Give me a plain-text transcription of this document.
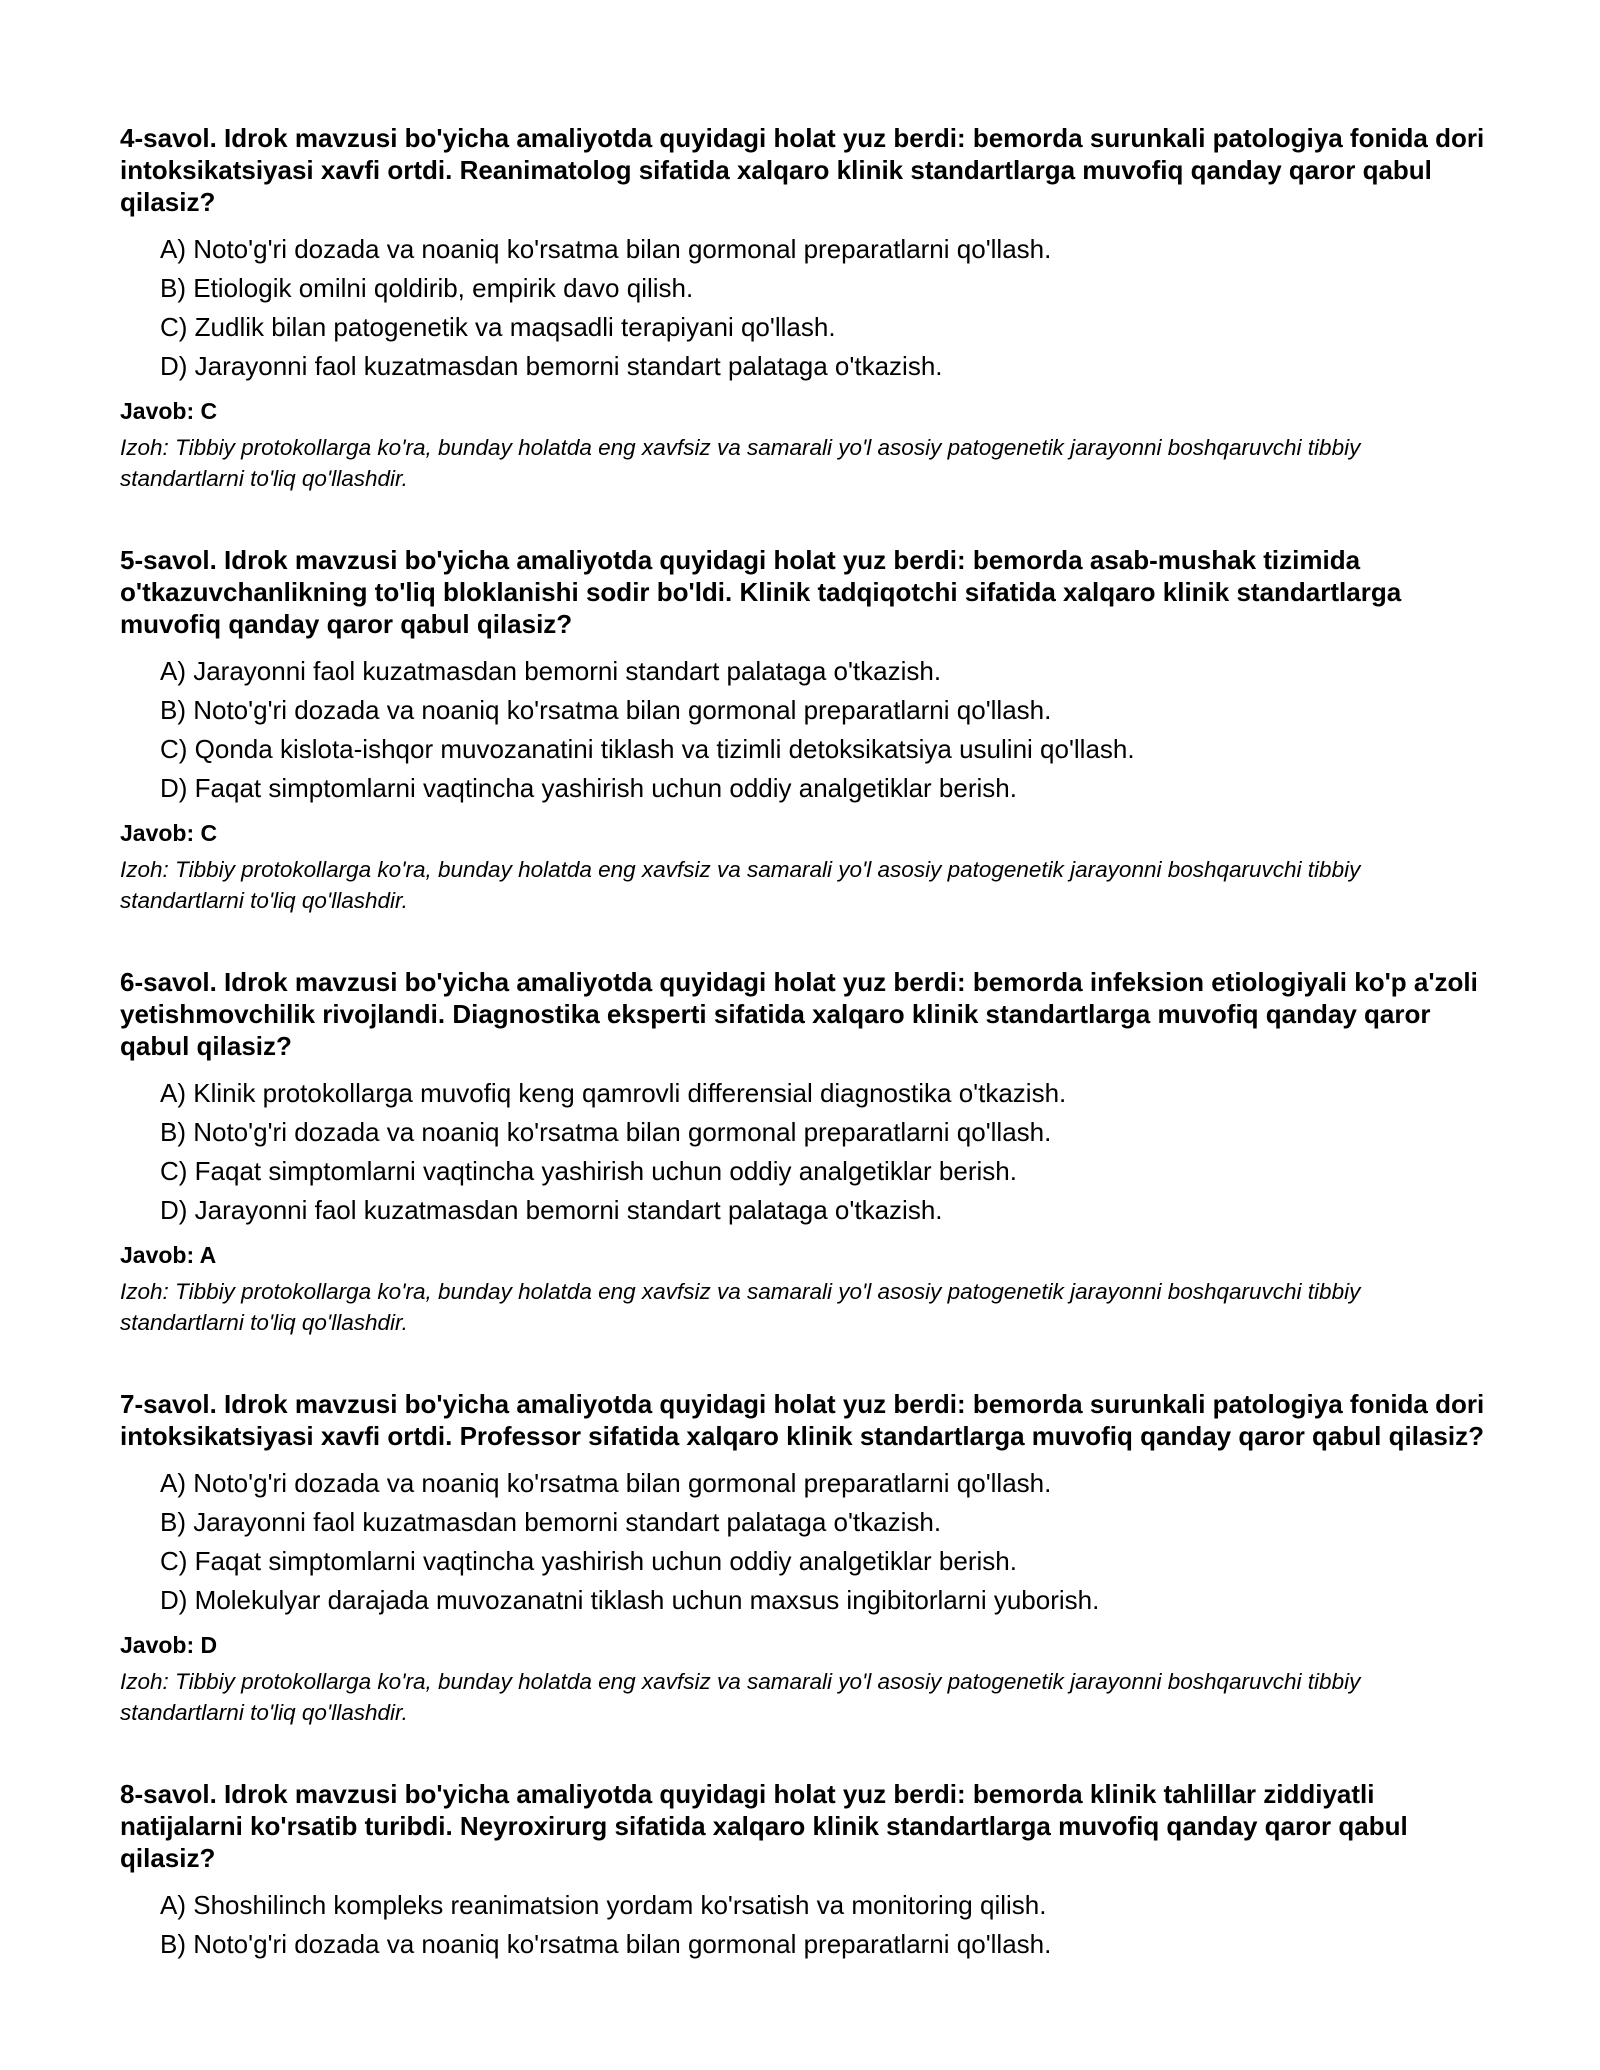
4-savol. Idrok mavzusi bo'yicha amaliyotda quyidagi holat yuz berdi: bemorda surunkali patologiya fonida dori intoksikatsiyasi xavfi ortdi. Reanimatolog sifatida xalqaro klinik standartlarga muvofiq qanday qaror qabul qilasiz?
A) Noto'g'ri dozada va noaniq ko'rsatma bilan gormonal preparatlarni qo'llash.
B) Etiologik omilni qoldirib, empirik davo qilish.
C) Zudlik bilan patogenetik va maqsadli terapiyani qo'llash.
D) Jarayonni faol kuzatmasdan bemorni standart palataga o'tkazish.
Javob: C
Izoh: Tibbiy protokollarga ko'ra, bunday holatda eng xavfsiz va samarali yo'l asosiy patogenetik jarayonni boshqaruvchi tibbiy standartlarni to'liq qo'llashdir.
5-savol. Idrok mavzusi bo'yicha amaliyotda quyidagi holat yuz berdi: bemorda asab-mushak tizimida o'tkazuvchanlikning to'liq bloklanishi sodir bo'ldi. Klinik tadqiqotchi sifatida xalqaro klinik standartlarga muvofiq qanday qaror qabul qilasiz?
A) Jarayonni faol kuzatmasdan bemorni standart palataga o'tkazish.
B) Noto'g'ri dozada va noaniq ko'rsatma bilan gormonal preparatlarni qo'llash.
C) Qonda kislota-ishqor muvozanatini tiklash va tizimli detoksikatsiya usulini qo'llash.
D) Faqat simptomlarni vaqtincha yashirish uchun oddiy analgetiklar berish.
Javob: C
Izoh: Tibbiy protokollarga ko'ra, bunday holatda eng xavfsiz va samarali yo'l asosiy patogenetik jarayonni boshqaruvchi tibbiy standartlarni to'liq qo'llashdir.
6-savol. Idrok mavzusi bo'yicha amaliyotda quyidagi holat yuz berdi: bemorda infeksion etiologiyali ko'p a'zoli yetishmovchilik rivojlandi. Diagnostika eksperti sifatida xalqaro klinik standartlarga muvofiq qanday qaror qabul qilasiz?
A) Klinik protokollarga muvofiq keng qamrovli differensial diagnostika o'tkazish.
B) Noto'g'ri dozada va noaniq ko'rsatma bilan gormonal preparatlarni qo'llash.
C) Faqat simptomlarni vaqtincha yashirish uchun oddiy analgetiklar berish.
D) Jarayonni faol kuzatmasdan bemorni standart palataga o'tkazish.
Javob: A
Izoh: Tibbiy protokollarga ko'ra, bunday holatda eng xavfsiz va samarali yo'l asosiy patogenetik jarayonni boshqaruvchi tibbiy standartlarni to'liq qo'llashdir.
7-savol. Idrok mavzusi bo'yicha amaliyotda quyidagi holat yuz berdi: bemorda surunkali patologiya fonida dori intoksikatsiyasi xavfi ortdi. Professor sifatida xalqaro klinik standartlarga muvofiq qanday qaror qabul qilasiz?
A) Noto'g'ri dozada va noaniq ko'rsatma bilan gormonal preparatlarni qo'llash.
B) Jarayonni faol kuzatmasdan bemorni standart palataga o'tkazish.
C) Faqat simptomlarni vaqtincha yashirish uchun oddiy analgetiklar berish.
D) Molekulyar darajada muvozanatni tiklash uchun maxsus ingibitorlarni yuborish.
Javob: D
Izoh: Tibbiy protokollarga ko'ra, bunday holatda eng xavfsiz va samarali yo'l asosiy patogenetik jarayonni boshqaruvchi tibbiy standartlarni to'liq qo'llashdir.
8-savol. Idrok mavzusi bo'yicha amaliyotda quyidagi holat yuz berdi: bemorda klinik tahlillar ziddiyatli natijalarni ko'rsatib turibdi. Neyroxirurg sifatida xalqaro klinik standartlarga muvofiq qanday qaror qabul qilasiz?
A) Shoshilinch kompleks reanimatsion yordam ko'rsatish va monitoring qilish.
B) Noto'g'ri dozada va noaniq ko'rsatma bilan gormonal preparatlarni qo'llash.
